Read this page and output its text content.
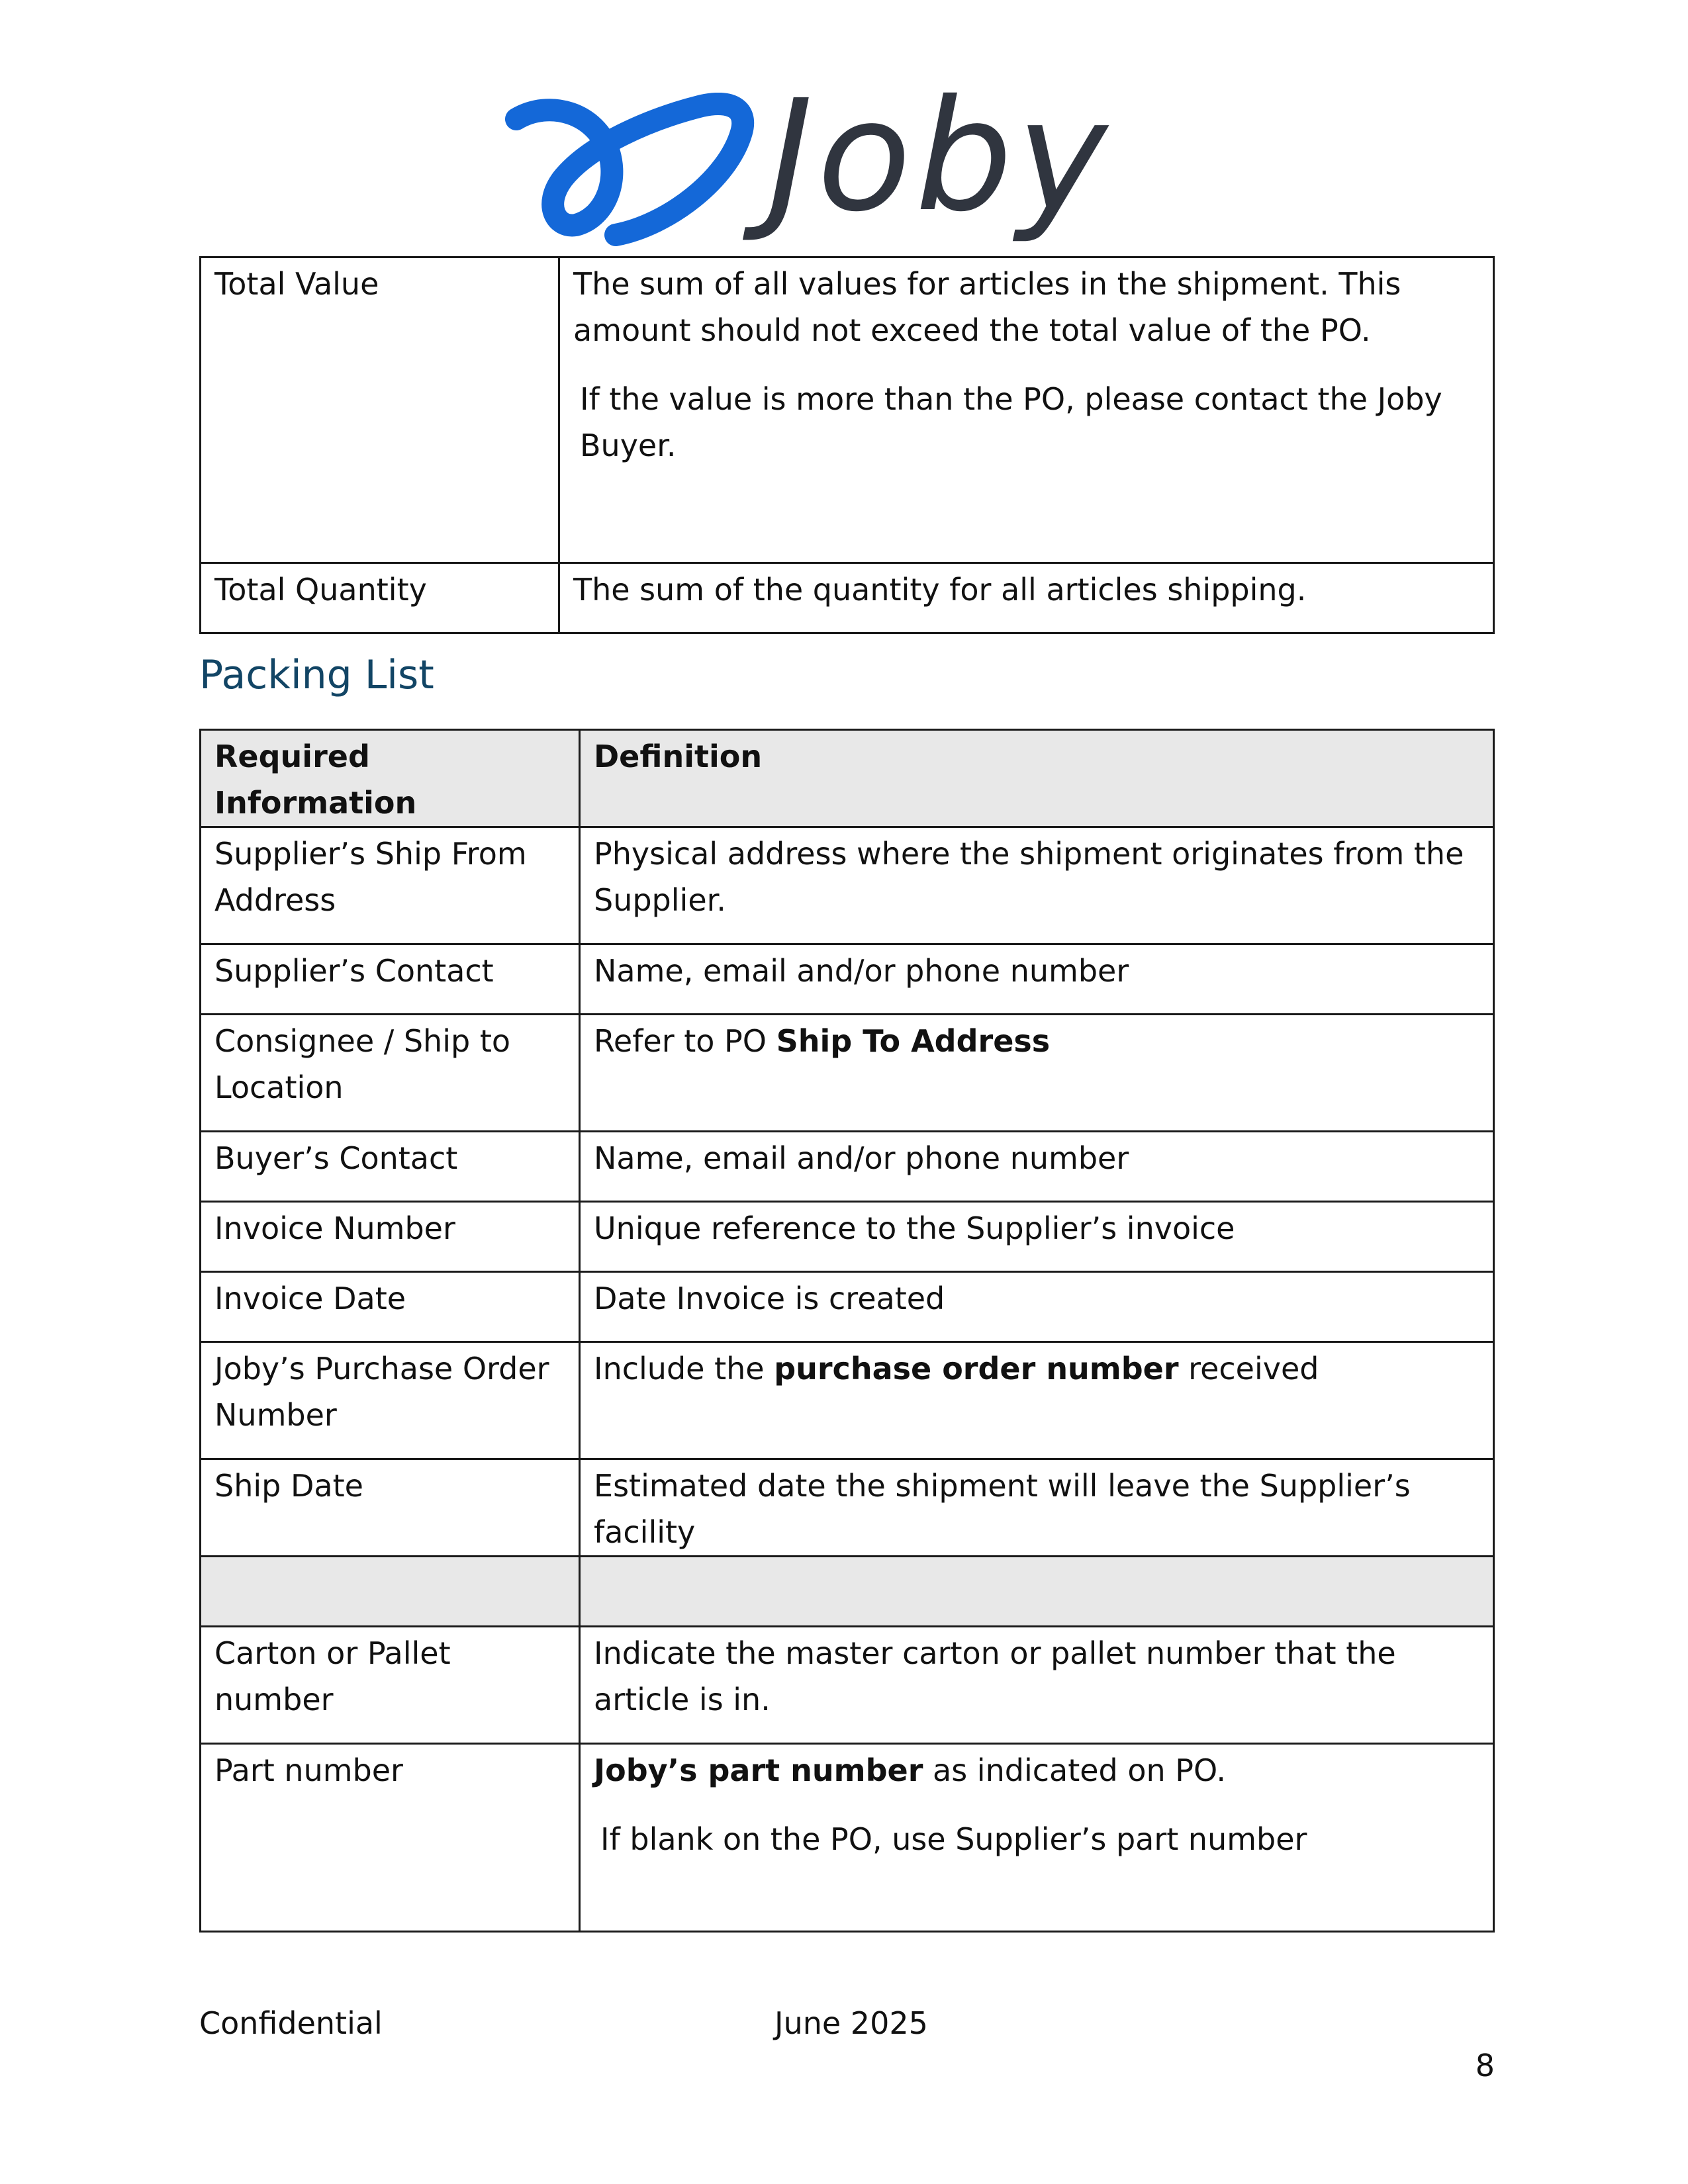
Joby
Total Value	The sum of all values for articles in the shipment. This amount should not exceed the total value of the PO.
If the value is more than the PO, please contact the Joby Buyer.

Total Quantity	The sum of the quantity for all articles shipping.
Packing List
Required Information	Definition
Supplier’s Ship From Address	Physical address where the shipment originates from the Supplier.
Supplier’s Contact	Name, email and/or phone number
Consignee / Ship to Location	Refer to PO Ship To Address
Buyer’s Contact	Name, email and/or phone number
Invoice Number	Unique reference to the Supplier’s invoice
Invoice Date	Date Invoice is created
Joby’s Purchase Order Number	Include the purchase order number received
Ship Date	Estimated date the shipment will leave the Supplier’s facility

Carton or Pallet number	Indicate the master carton or pallet number that the article is in.
Part number	Joby’s part number as indicated on PO.
If blank on the PO, use Supplier’s part number
Confidential	June 2025
8
